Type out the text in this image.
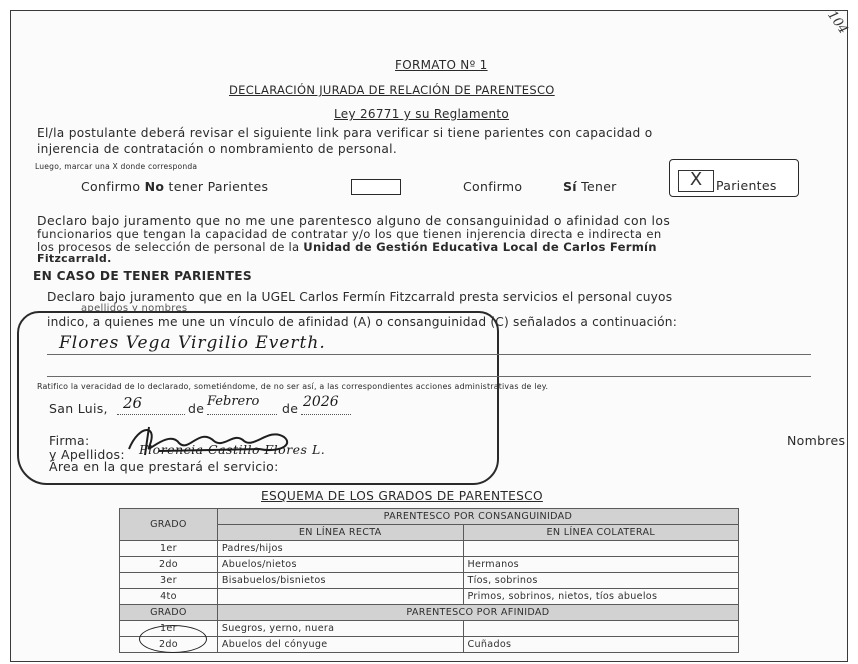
104
FORMATO Nº 1
DECLARACIÓN JURADA DE RELACIÓN DE PARENTESCO
Ley 26771 y su Reglamento
El/la postulante deberá revisar el siguiente link para verificar si tiene parientes con capacidad o
injerencia de contratación o nombramiento de personal.
Luego, marcar una X donde corresponda
Confirmo No tener Parientes	Confirmo	Sí Tener	X	Parientes
Declaro bajo juramento que no me une parentesco alguno de consanguinidad o afinidad con los
funcionarios que tengan la capacidad de contratar y/o los que tienen injerencia directa e indirecta en
los procesos de selección de personal de la Unidad de Gestión Educativa Local de Carlos Fermín
Fitzcarrald.
EN CASO DE TENER PARIENTES
Declaro bajo juramento que en la UGEL Carlos Fermín Fitzcarrald presta servicios el personal cuyos
apellidos y nombres
indico, a quienes me une un vínculo de afinidad (A) o consanguinidad (C) señalados a continuación:
Flores Vega Virgilio Everth.
Ratifico la veracidad de lo declarado, sometiéndome, de no ser así, a las correspondientes acciones administrativas de ley.
San Luis, 26	de Febrero de 2026
Firma:	Nombres
y Apellidos: Florencia Castillo Flores L.
Área en la que prestará el servicio:
ESQUEMA DE LOS GRADOS DE PARENTESCO
GRADO	PARENTESCO POR CONSANGUINIDAD	
	EN LÍNEA RECTA	EN LÍNEA COLATERAL
1er	Padres/hijos	
2do	Abuelos/nietos	Hermanos
3er	Bisabuelos/bisnietos	Tíos, sobrinos
4to		Primos, sobrinos, nietos, tíos abuelos
GRADO	PARENTESCO POR AFINIDAD	
1er	Suegros, yerno, nuera	
2do	Abuelos del cónyuge	Cuñados
